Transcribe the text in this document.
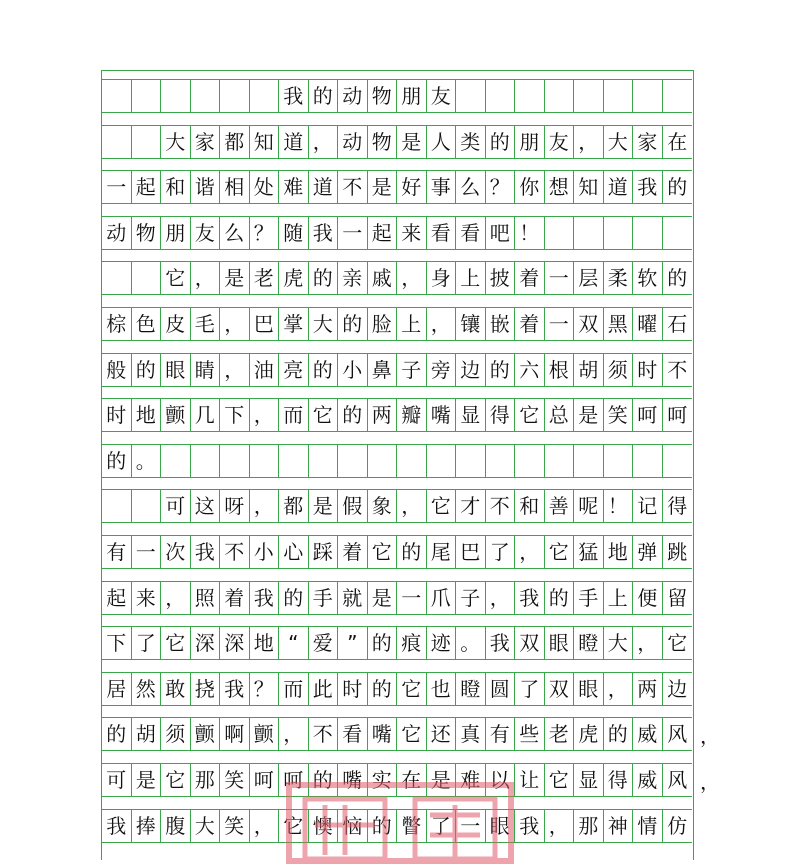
我 的 动 物 朋 友
大 家 都 知 道 ， 动 物 是 人 类 的 朋 友 ， 大 家 在
一 起 和 谐 相 处 难 道 不 是 好 事 么 ？ 你 想 知 道 我 的
动 物 朋 友 么 ？ 随 我 一 起 来 看 看 吧 ！
它 ， 是 老 虎 的 亲 戚 ， 身 上 披 着 一 层 柔 软 的
棕 色 皮 毛 ， 巴 掌 大 的 脸 上 ， 镶 嵌 着 一 双 黑 曜 石
般 的 眼 睛 ， 油 亮 的 小 鼻 子 旁 边 的 六 根 胡 须 时 不
时 地 颤 几 下 ， 而 它 的 两 瓣 嘴 显 得 它 总 是 笑 呵 呵
的 。
可 这 呀 ， 都 是 假 象 ， 它 才 不 和 善 呢 ！ 记 得
有 一 次 我 不 小 心 踩 着 它 的 尾 巴 了 ， 它 猛 地 弹 跳
起 来 ， 照 着 我 的 手 就 是 一 爪 子 ， 我 的 手 上 便 留
下 了 它 深 深 地 “ 爱 ” 的 痕 迹 。 我 双 眼 瞪 大 ， 它
居 然 敢 挠 我 ？ 而 此 时 的 它 也 瞪 圆 了 双 眼 ， 两 边
的 胡 须 颤 啊 颤 ， 不 看 嘴 它 还 真 有 些 老 虎 的 威 风
可 是 它 那 笑 呵 呵 的 嘴 实 在 是 难 以 让 它 显 得 威 风
我 捧 腹 大 笑 ， 它 懊 恼 的 瞥 了 一 眼 我 ， 那 神 情 仿
，
，
